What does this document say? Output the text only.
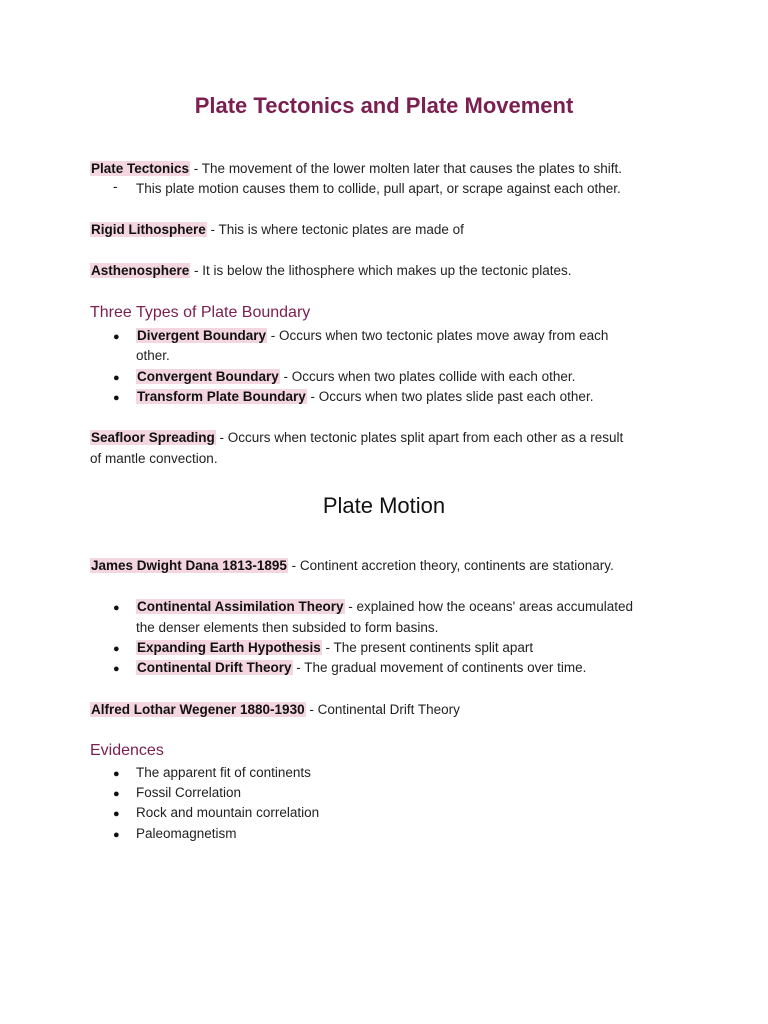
Plate Tectonics and Plate Movement
Plate Tectonics - The movement of the lower molten later that causes the plates to shift.
- This plate motion causes them to collide, pull apart, or scrape against each other.
Rigid Lithosphere - This is where tectonic plates are made of
Asthenosphere - It is below the lithosphere which makes up the tectonic plates.
Three Types of Plate Boundary
● Divergent Boundary - Occurs when two tectonic plates move away from each
other.
● Convergent Boundary - Occurs when two plates collide with each other.
● Transform Plate Boundary - Occurs when two plates slide past each other.
Seafloor Spreading - Occurs when tectonic plates split apart from each other as a result
of mantle convection.
Plate Motion
James Dwight Dana 1813-1895 - Continent accretion theory, continents are stationary.
● Continental Assimilation Theory - explained how the oceans' areas accumulated
the denser elements then subsided to form basins.
● Expanding Earth Hypothesis - The present continents split apart
● Continental Drift Theory - The gradual movement of continents over time.
Alfred Lothar Wegener 1880-1930 - Continental Drift Theory
Evidences
● The apparent fit of continents
● Fossil Correlation
● Rock and mountain correlation
● Paleomagnetism
